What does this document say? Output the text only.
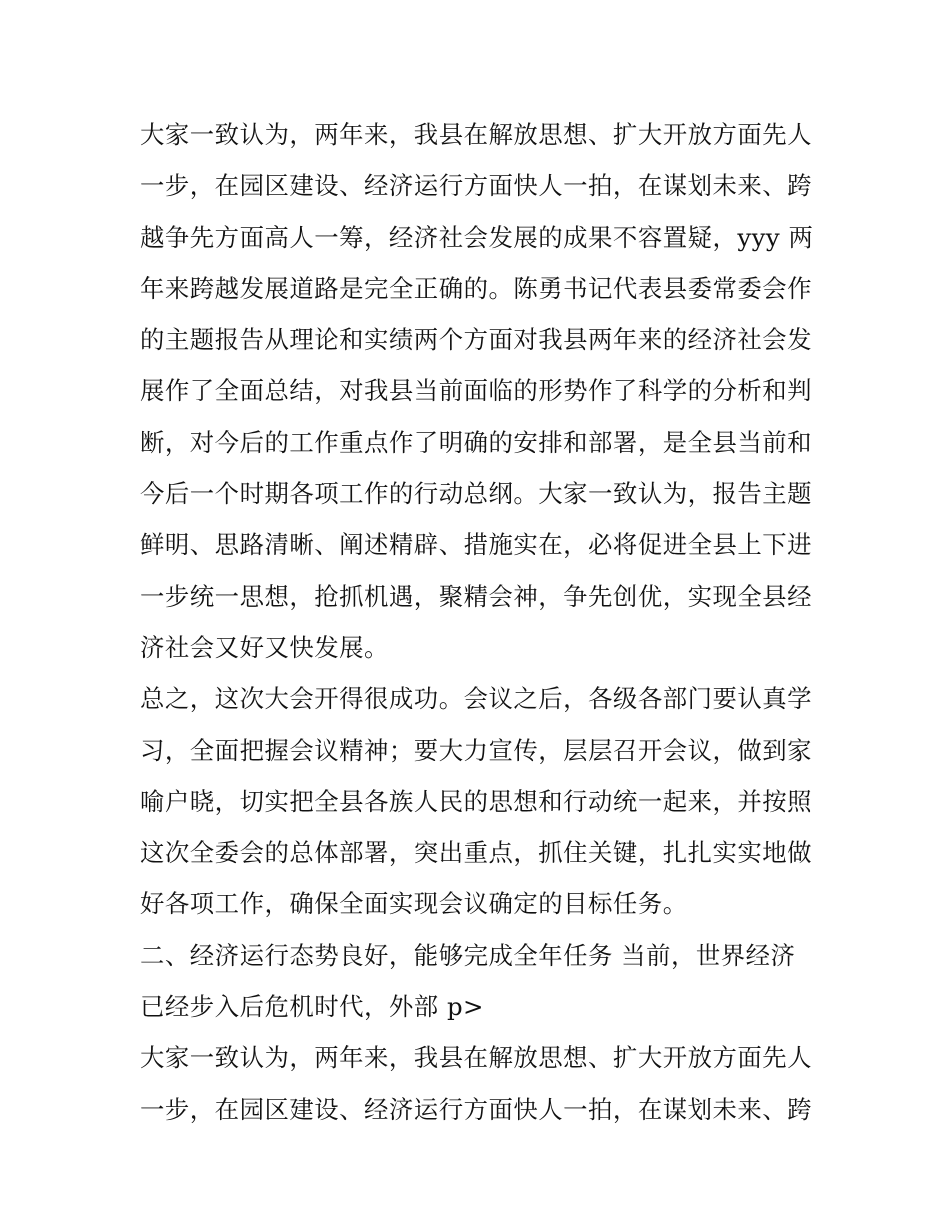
大家一致认为，两年来，我县在解放思想、扩大开放方面先人
一步，在园区建设、经济运行方面快人一拍，在谋划未来、跨
越争先方面高人一筹，经济社会发展的成果不容置疑，yyy 两
年来跨越发展道路是完全正确的。陈勇书记代表县委常委会作
的主题报告从理论和实绩两个方面对我县两年来的经济社会发
展作了全面总结，对我县当前面临的形势作了科学的分析和判
断，对今后的工作重点作了明确的安排和部署，是全县当前和
今后一个时期各项工作的行动总纲。大家一致认为，报告主题
鲜明、思路清晰、阐述精辟、措施实在，必将促进全县上下进
一步统一思想，抢抓机遇，聚精会神，争先创优，实现全县经
济社会又好又快发展。
总之，这次大会开得很成功。会议之后，各级各部门要认真学
习，全面把握会议精神；要大力宣传，层层召开会议，做到家
喻户晓，切实把全县各族人民的思想和行动统一起来，并按照
这次全委会的总体部署，突出重点，抓住关键，扎扎实实地做
好各项工作，确保全面实现会议确定的目标任务。
二、经济运行态势良好，能够完成全年任务 当前，世界经济
已经步入后危机时代，外部 p>
大家一致认为，两年来，我县在解放思想、扩大开放方面先人
一步，在园区建设、经济运行方面快人一拍，在谋划未来、跨
